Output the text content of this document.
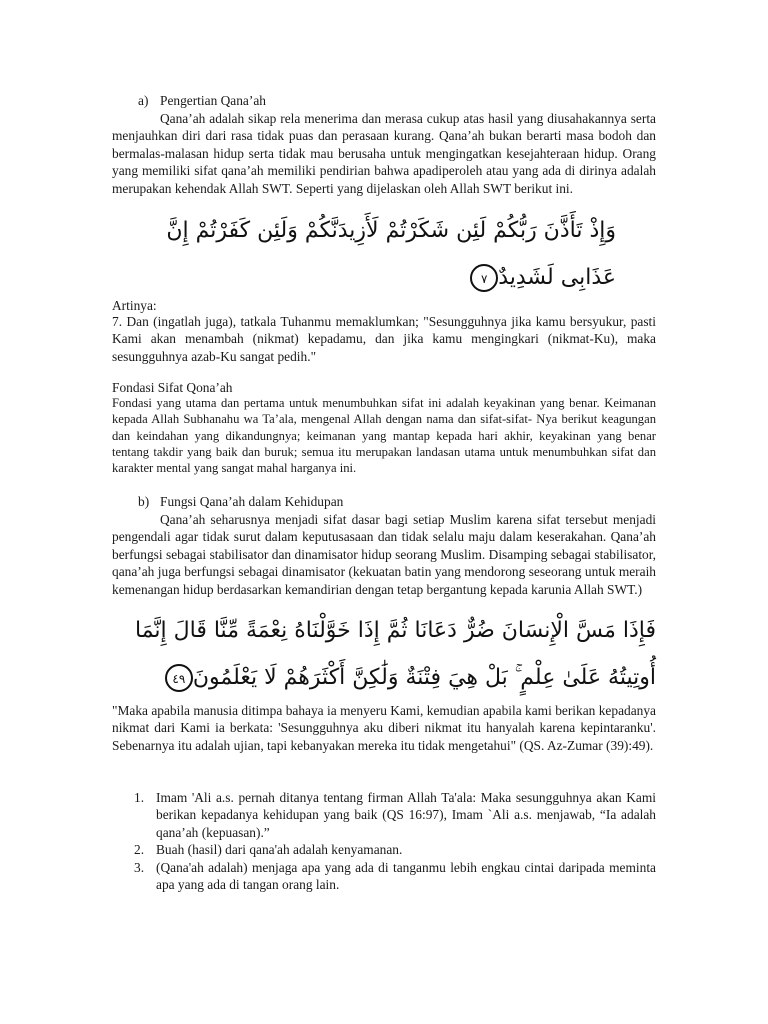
a) Pengertian Qana’ah
Qana’ah adalah sikap rela menerima dan merasa cukup atas hasil yang diusahakannya serta menjauhkan diri dari rasa tidak puas dan perasaan kurang. Qana’ah bukan berarti masa bodoh dan bermalas-malasan hidup serta tidak mau berusaha untuk mengingatkan kesejahteraan hidup. Orang yang memiliki sifat qana’ah memiliki pendirian bahwa apadiperoleh atau yang ada di dirinya adalah merupakan kehendak Allah SWT. Seperti yang dijelaskan oleh Allah SWT berikut ini.
وَإِذْ تَأَذَّنَ رَبُّكُمْ لَئِن شَكَرْتُمْ لَأَزِيدَنَّكُمْ وَلَئِن كَفَرْتُمْ إِنَّ
عَذَابِى لَشَدِيدٌ٧
Artinya:
7. Dan (ingatlah juga), tatkala Tuhanmu memaklumkan; "Sesungguhnya jika kamu bersyukur, pasti Kami akan menambah (nikmat) kepadamu, dan jika kamu mengingkari (nikmat-Ku), maka sesungguhnya azab-Ku sangat pedih."
Fondasi Sifat Qona’ah
Fondasi yang utama dan pertama untuk menumbuhkan sifat ini adalah keyakinan yang benar. Keimanan kepada Allah Subhanahu wa Ta’ala, mengenal Allah dengan nama dan sifat-sifat- Nya berikut keagungan dan keindahan yang dikandungnya; keimanan yang mantap kepada hari akhir, keyakinan yang benar tentang takdir yang baik dan buruk; semua itu merupakan landasan utama untuk menumbuhkan sifat dan karakter mental yang sangat mahal harganya ini.
b) Fungsi Qana’ah dalam Kehidupan
Qana’ah seharusnya menjadi sifat dasar bagi setiap Muslim karena sifat tersebut menjadi pengendali agar tidak surut dalam keputusasaan dan tidak selalu maju dalam keserakahan. Qana’ah berfungsi sebagai stabilisator dan dinamisator hidup seorang Muslim. Disamping sebagai stabilisator, qana’ah juga berfungsi sebagai dinamisator (kekuatan batin yang mendorong seseorang untuk meraih kemenangan hidup berdasarkan kemandirian dengan tetap bergantung kepada karunia Allah SWT.)
فَإِذَا مَسَّ الْإِنسَانَ ضُرٌّ دَعَانَا ثُمَّ إِذَا خَوَّلْنَاهُ نِعْمَةً مِّنَّا قَالَ إِنَّمَا
أُوتِيتُهُ عَلَىٰ عِلْمٍ ۚ بَلْ هِيَ فِتْنَةٌ وَلَٰكِنَّ أَكْثَرَهُمْ لَا يَعْلَمُونَ٤٩
"Maka apabila manusia ditimpa bahaya ia menyeru Kami, kemudian apabila kami berikan kepadanya nikmat dari Kami ia berkata: 'Sesungguhnya aku diberi nikmat itu hanyalah karena kepintaranku'. Sebenarnya itu adalah ujian, tapi kebanyakan mereka itu tidak mengetahui" (QS. Az-Zumar (39):49).
1. Imam 'Ali a.s. pernah ditanya tentang firman Allah Ta'ala: Maka sesungguhnya akan Kami berikan kepadanya kehidupan yang baik (QS 16:97), Imam `Ali a.s. menjawab, “Ia adalah qana’ah (kepuasan).”
2. Buah (hasil) dari qana'ah adalah kenyamanan.
3. (Qana'ah adalah) menjaga apa yang ada di tanganmu lebih engkau cintai daripada meminta apa yang ada di tangan orang lain.
